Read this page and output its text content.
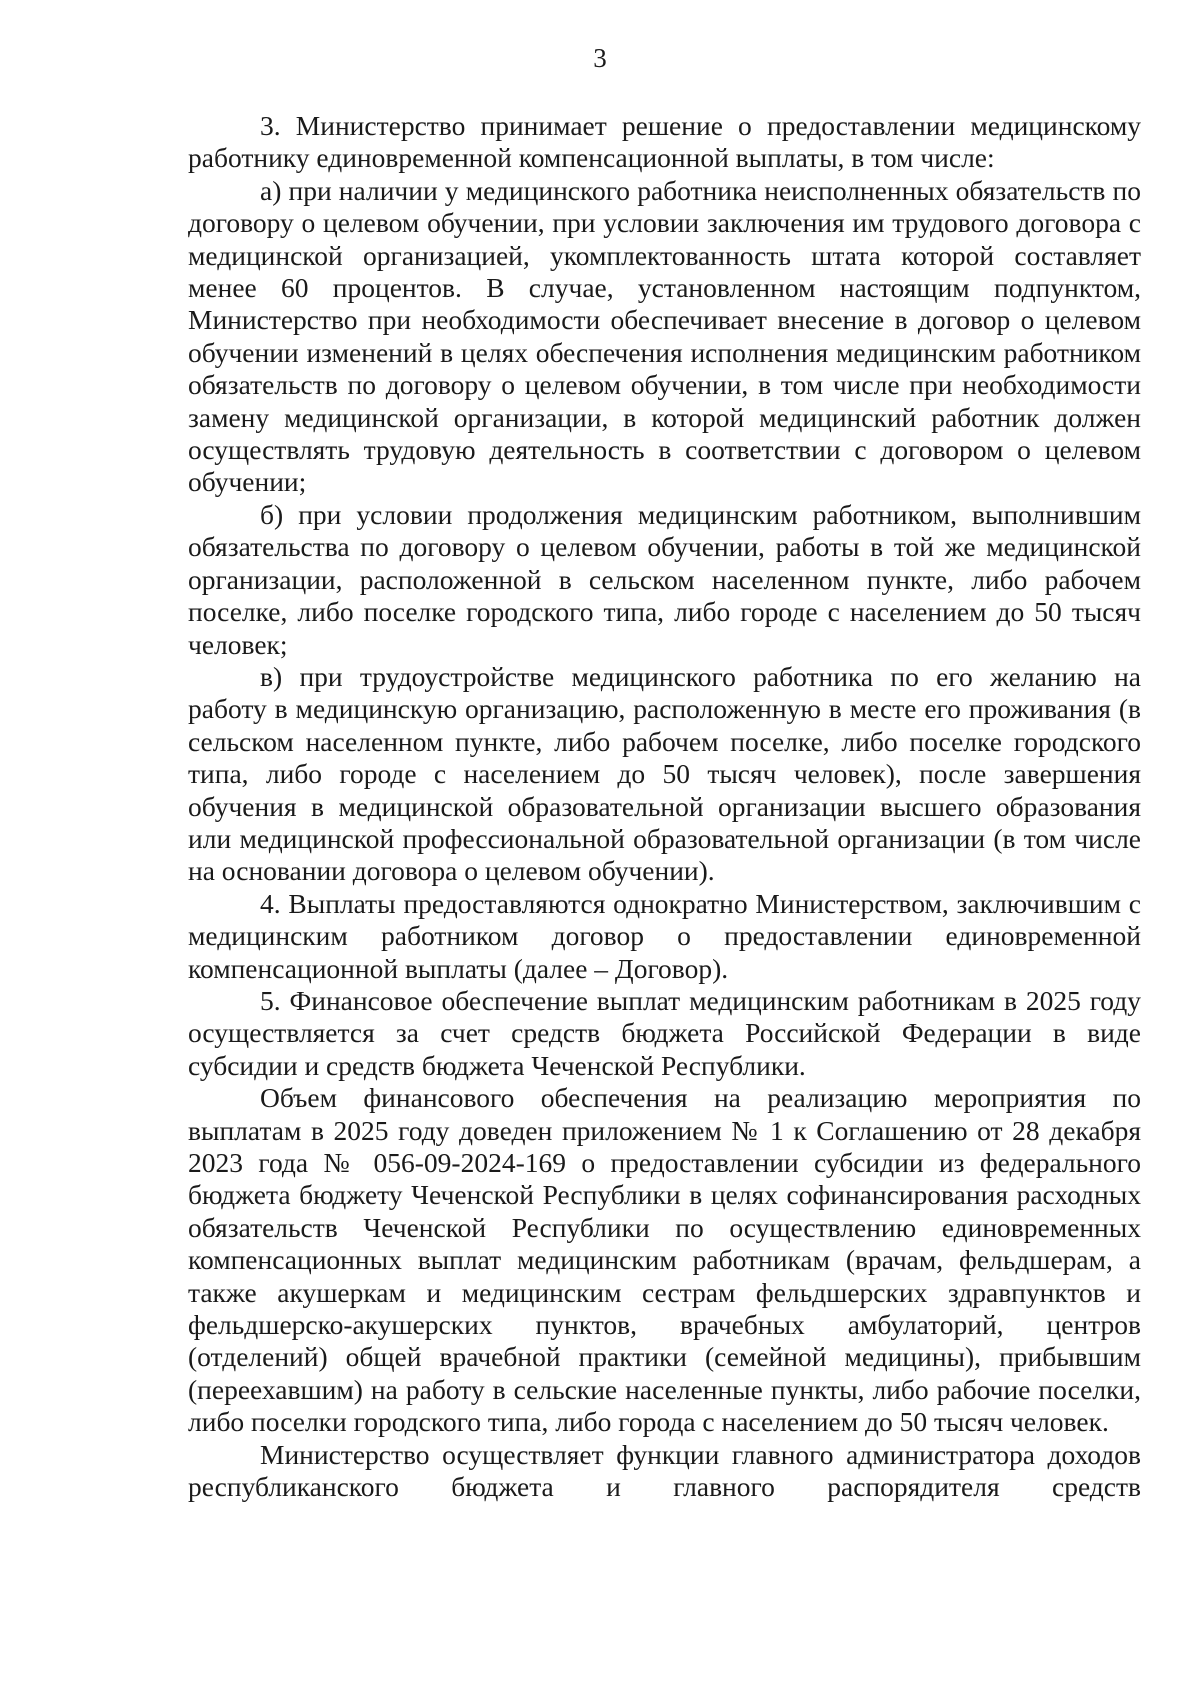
3

3. Министерство принимает решение о предоставлении медицинскому работнику единовременной компенсационной выплаты, в том числе:

а) при наличии у медицинского работника неисполненных обязательств по договору о целевом обучении, при условии заключения им трудового договора с медицинской организацией, укомплектованность штата которой составляет менее 60 процентов. В случае, установленном настоящим подпунктом, Министерство при необходимости обеспечивает внесение в договор о целевом обучении изменений в целях обеспечения исполнения медицинским работником обязательств по договору о целевом обучении, в том числе при необходимости замену медицинской организации, в которой медицинский работник должен осуществлять трудовую деятельность в соответствии с договором о целевом обучении;

б) при условии продолжения медицинским работником, выполнившим обязательства по договору о целевом обучении, работы в той же медицинской организации, расположенной в сельском населенном пункте, либо рабочем поселке, либо поселке городского типа, либо городе с населением до 50 тысяч человек;

в) при трудоустройстве медицинского работника по его желанию на работу в медицинскую организацию, расположенную в месте его проживания (в сельском населенном пункте, либо рабочем поселке, либо поселке городского типа, либо городе с населением до 50 тысяч человек), после завершения обучения в медицинской образовательной организации высшего образования или медицинской профессиональной образовательной организации (в том числе на основании договора о целевом обучении).

4. Выплаты предоставляются однократно Министерством, заключившим с медицинским работником договор о предоставлении единовременной компенсационной выплаты (далее – Договор).

5. Финансовое обеспечение выплат медицинским работникам в 2025 году осуществляется за счет средств бюджета Российской Федерации в виде субсидии и средств бюджета Чеченской Республики.

Объем финансового обеспечения на реализацию мероприятия по выплатам в 2025 году доведен приложением № 1 к Соглашению от 28 декабря 2023 года № 056-09-2024-169 о предоставлении субсидии из федерального бюджета бюджету Чеченской Республики в целях софинансирования расходных обязательств Чеченской Республики по осуществлению единовременных компенсационных выплат медицинским работникам (врачам, фельдшерам, а также акушеркам и медицинским сестрам фельдшерских здравпунктов и фельдшерско-акушерских пунктов, врачебных амбулаторий, центров (отделений) общей врачебной практики (семейной медицины), прибывшим (переехавшим) на работу в сельские населенные пункты, либо рабочие поселки, либо поселки городского типа, либо города с населением до 50 тысяч человек.

Министерство осуществляет функции главного администратора доходов республиканского бюджета и главного распорядителя средств
